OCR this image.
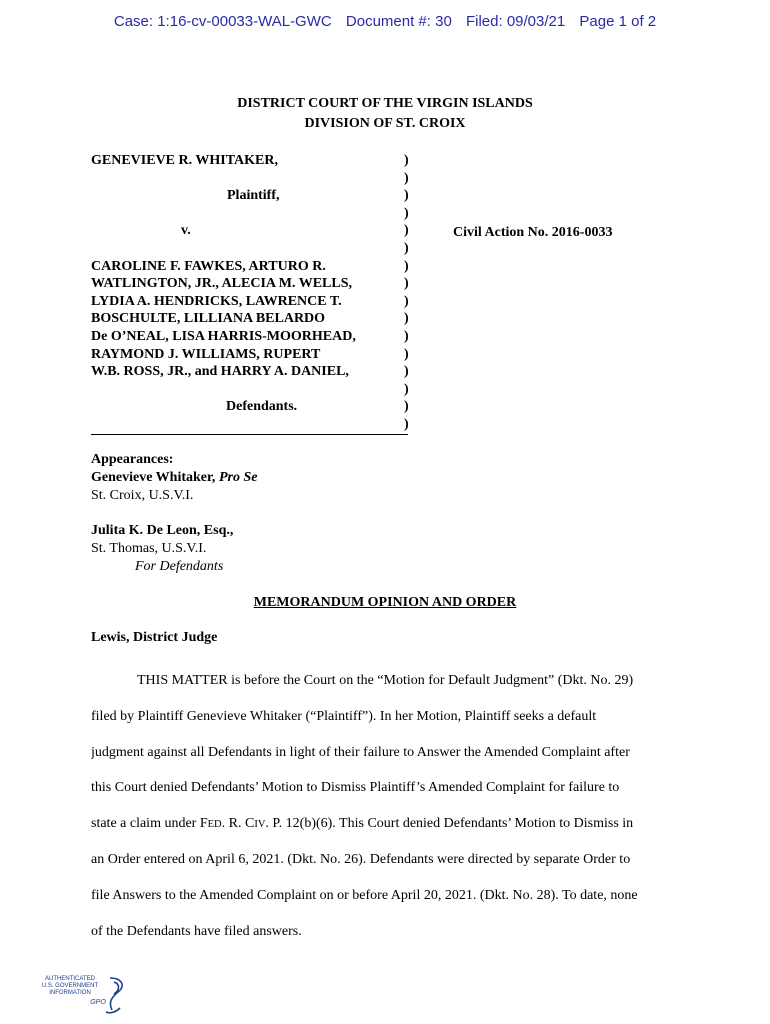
Case: 1:16-cv-00033-WAL-GWC Document #: 30 Filed: 09/03/21 Page 1 of 2
DISTRICT COURT OF THE VIRGIN ISLANDS
DIVISION OF ST. CROIX
GENEVIEVE R. WHITAKER,
Plaintiff,
v.
CAROLINE F. FAWKES, ARTURO R.
WATLINGTON, JR., ALECIA M. WELLS,
LYDIA A. HENDRICKS, LAWRENCE T.
BOSCHULTE, LILLIANA BELARDO
De O’NEAL, LISA HARRIS-MOORHEAD,
RAYMOND J. WILLIAMS, RUPERT
W.B. ROSS, JR., and HARRY A. DANIEL,
Defendants.
)
)
)
)
)
)
)
)
)
)
)
)
)
)
)
)
Civil Action No. 2016-0033
Appearances:
Genevieve Whitaker, Pro Se
St. Croix, U.S.V.I.
Julita K. De Leon, Esq.,
St. Thomas, U.S.V.I.
For Defendants
MEMORANDUM OPINION AND ORDER
Lewis, District Judge
THIS MATTER is before the Court on the “Motion for Default Judgment” (Dkt. No. 29)
filed by Plaintiff Genevieve Whitaker (“Plaintiff”). In her Motion, Plaintiff seeks a default
judgment against all Defendants in light of their failure to Answer the Amended Complaint after
this Court denied Defendants’ Motion to Dismiss Plaintiff’s Amended Complaint for failure to
state a claim under FED. R. CIV. P. 12(b)(6). This Court denied Defendants’ Motion to Dismiss in
an Order entered on April 6, 2021. (Dkt. No. 26). Defendants were directed by separate Order to
file Answers to the Amended Complaint on or before April 20, 2021. (Dkt. No. 28). To date, none
of the Defendants have filed answers.
AUTHENTICATED
U.S. GOVERNMENT
INFORMATION
GPO
